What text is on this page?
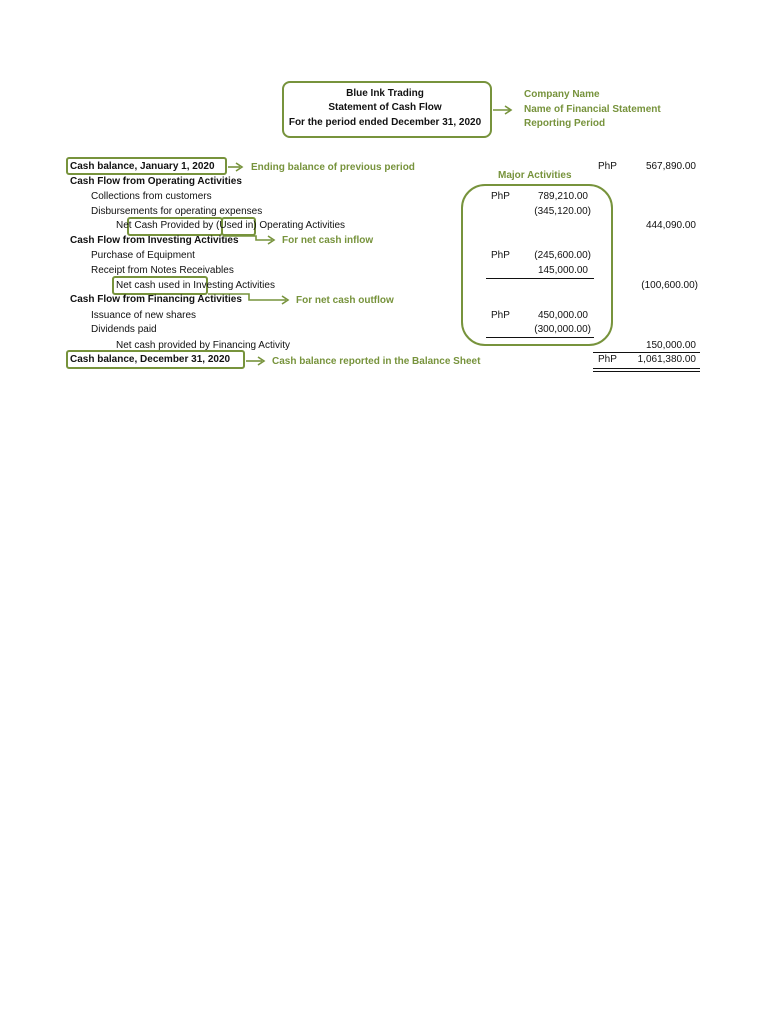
Blue Ink Trading
Statement of Cash Flow
For the period ended December 31, 2020
Company Name
Name of Financial Statement
Reporting Period
Cash balance, January 1, 2020	Ending balance of previous period	PhP	567,890.00
Major Activities
Cash Flow from Operating Activities
Collections from customers	PhP	789,210.00
Disbursements for operating expenses	(345,120.00)
Net Cash Provided by (Used in) Operating Activities	444,090.00
For net cash inflow
Cash Flow from Investing Activities
Purchase of Equipment	PhP	(245,600.00)
Receipt from Notes Receivables	145,000.00
Net cash used in Investing Activities	(100,600.00)
For net cash outflow
Cash Flow from Financing Activities
Issuance of new shares	PhP	450,000.00
Dividends paid	(300,000.00)
Net cash provided by Financing Activity	150,000.00
Cash balance, December 31, 2020	Cash balance reported in the Balance Sheet	PhP	1,061,380.00
